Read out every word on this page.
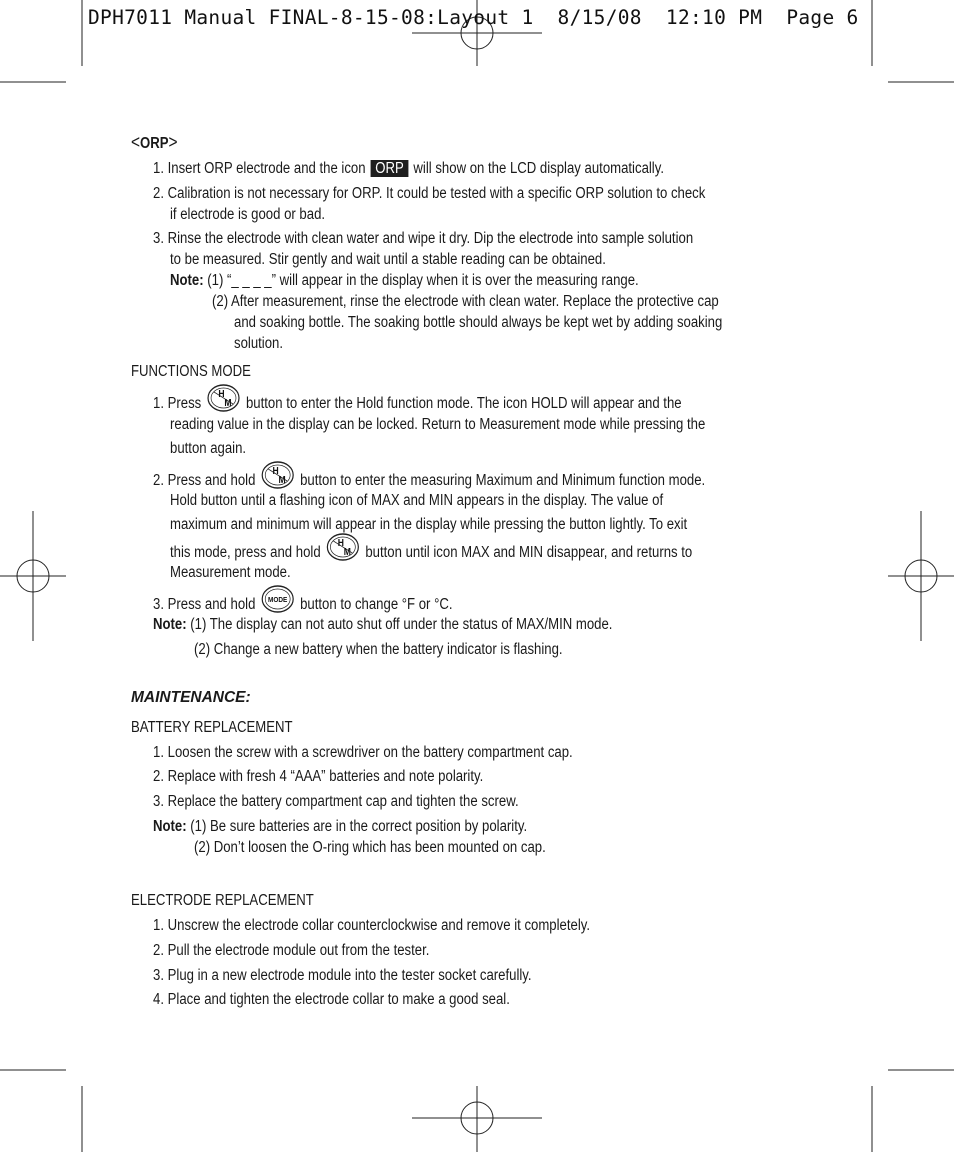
DPH7011 Manual FINAL-8-15-08:Layout 1  8/15/08  12:10 PM  Page 6
<ORP>
1. Insert ORP electrode and the icon ORP will show on the LCD display automatically.
2. Calibration is not necessary for ORP. It could be tested with a specific ORP solution to check
if electrode is good or bad.
3. Rinse the electrode with clean water and wipe it dry. Dip the electrode into sample solution
to be measured. Stir gently and wait until a stable reading can be obtained.
Note: (1) “_ _ _ _” will appear in the display when it is over the measuring range.
(2) After measurement, rinse the electrode with clean water. Replace the protective cap
and soaking bottle. The soaking bottle should always be kept wet by adding soaking
solution.
FUNCTIONS MODE
1. Press
H
M button to enter the Hold function mode. The icon HOLD will appear and the
reading value in the display can be locked. Return to Measurement mode while pressing the
button again.
2. Press and hold
H
M button to enter the measuring Maximum and Minimum function mode.
Hold button until a flashing icon of MAX and MIN appears in the display. The value of
maximum and minimum will appear in the display while pressing the button lightly. To exit
this mode, press and hold
H
M button until icon MAX and MIN disappear, and returns to
Measurement mode.
3. Press and hold MODE button to change °F or °C.
Note: (1) The display can not auto shut off under the status of MAX/MIN mode.
(2) Change a new battery when the battery indicator is flashing.
MAINTENANCE:
BATTERY REPLACEMENT
1. Loosen the screw with a screwdriver on the battery compartment cap.
2. Replace with fresh 4 “AAA” batteries and note polarity.
3. Replace the battery compartment cap and tighten the screw.
Note: (1) Be sure batteries are in the correct position by polarity.
(2) Don’t loosen the O-ring which has been mounted on cap.
ELECTRODE REPLACEMENT
1. Unscrew the electrode collar counterclockwise and remove it completely.
2. Pull the electrode module out from the tester.
3. Plug in a new electrode module into the tester socket carefully.
4. Place and tighten the electrode collar to make a good seal.
